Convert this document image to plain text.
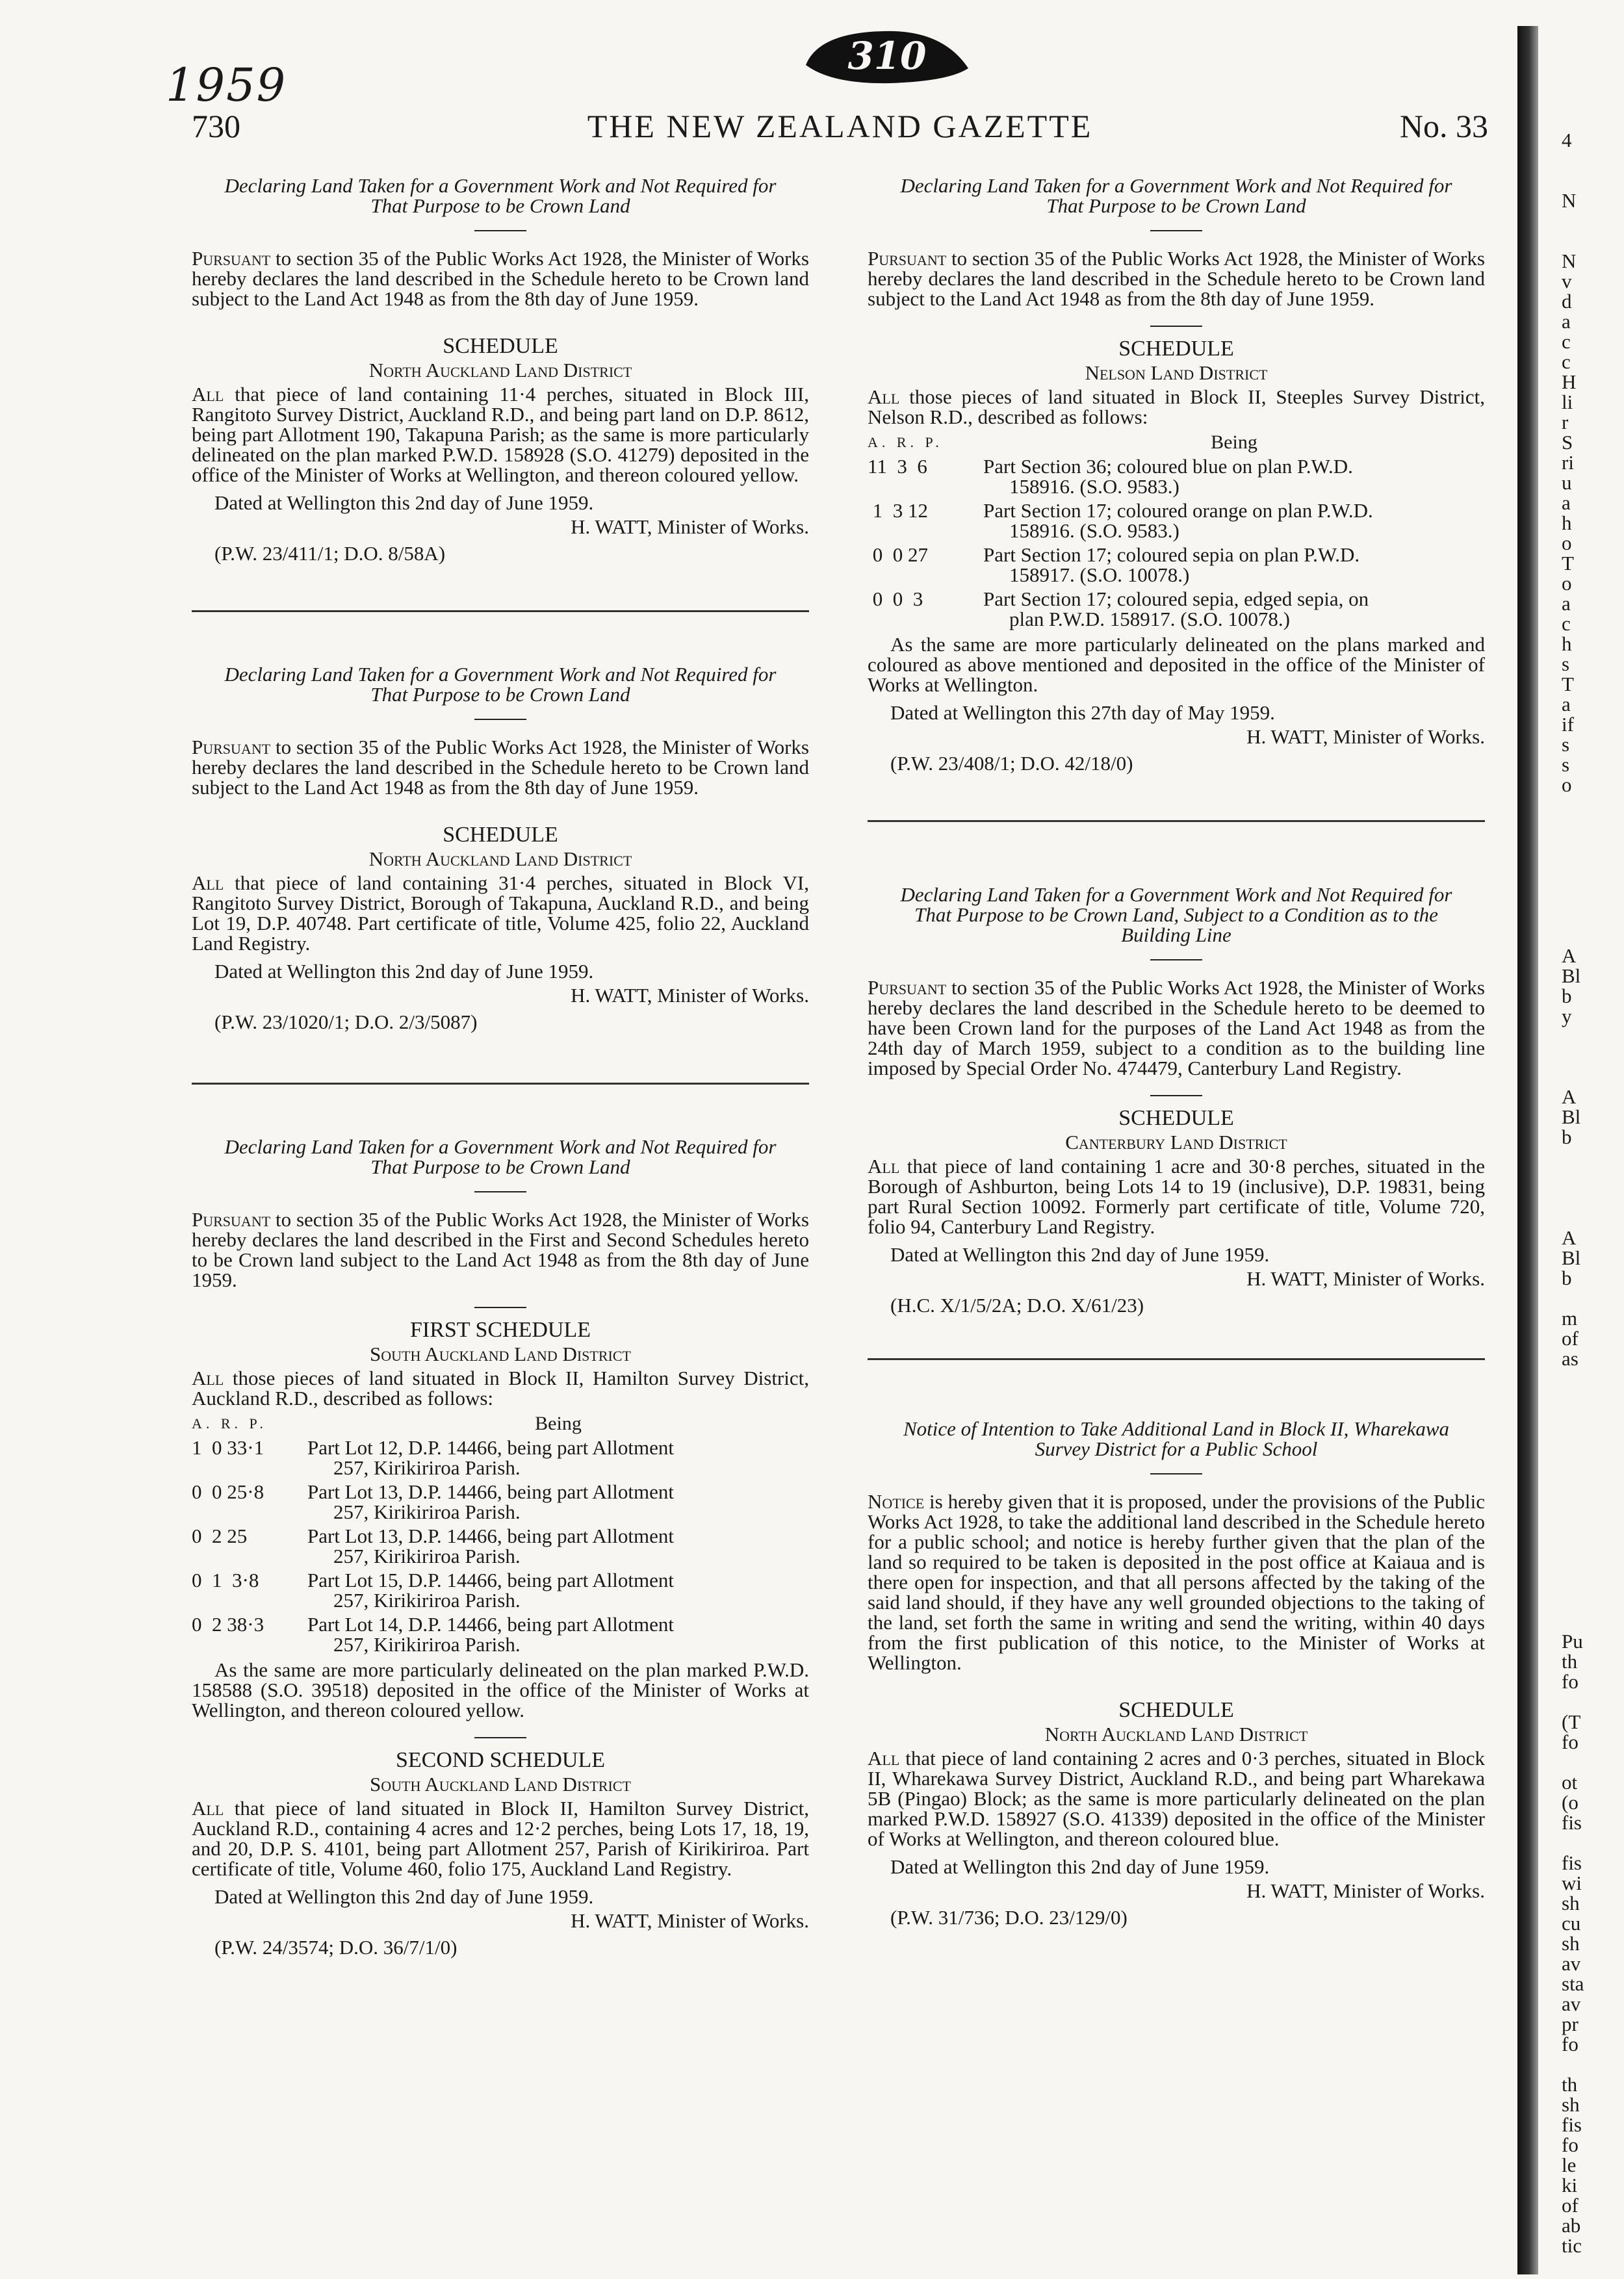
1959
310
730	THE NEW ZEALAND GAZETTE	No. 33
Declaring Land Taken for a Government Work and Not Required for That Purpose to be Crown Land
Pursuant to section 35 of the Public Works Act 1928, the Minister of Works hereby declares the land described in the Schedule hereto to be Crown land subject to the Land Act 1948 as from the 8th day of June 1959.
SCHEDULE
North Auckland Land District
All that piece of land containing 11·4 perches, situated in Block III, Rangitoto Survey District, Auckland R.D., and being part land on D.P. 8612, being part Allotment 190, Takapuna Parish; as the same is more particularly delineated on the plan marked P.W.D. 158928 (S.O. 41279) deposited in the office of the Minister of Works at Wellington, and thereon coloured yellow.
Dated at Wellington this 2nd day of June 1959.
H. WATT, Minister of Works.
(P.W. 23/411/1; D.O. 8/58A)
Declaring Land Taken for a Government Work and Not Required for That Purpose to be Crown Land
Pursuant to section 35 of the Public Works Act 1928, the Minister of Works hereby declares the land described in the Schedule hereto to be Crown land subject to the Land Act 1948 as from the 8th day of June 1959.
SCHEDULE
North Auckland Land District
All that piece of land containing 31·4 perches, situated in Block VI, Rangitoto Survey District, Borough of Takapuna, Auckland R.D., and being Lot 19, D.P. 40748. Part certificate of title, Volume 425, folio 22, Auckland Land Registry.
Dated at Wellington this 2nd day of June 1959.
H. WATT, Minister of Works.
(P.W. 23/1020/1; D.O. 2/3/5087)
Declaring Land Taken for a Government Work and Not Required for That Purpose to be Crown Land
Pursuant to section 35 of the Public Works Act 1928, the Minister of Works hereby declares the land described in the First and Second Schedules hereto to be Crown land subject to the Land Act 1948 as from the 8th day of June 1959.
FIRST SCHEDULE
South Auckland Land District
All those pieces of land situated in Block II, Hamilton Survey District, Auckland R.D., described as follows:
A. R. P.	Being
1  0 33·1	Part Lot 12, D.P. 14466, being part Allotment
257, Kirikiriroa Parish.
0  0 25·8	Part Lot 13, D.P. 14466, being part Allotment
257, Kirikiriroa Parish.
0  2 25	Part Lot 13, D.P. 14466, being part Allotment
257, Kirikiriroa Parish.
0  1  3·8	Part Lot 15, D.P. 14466, being part Allotment
257, Kirikiriroa Parish.
0  2 38·3	Part Lot 14, D.P. 14466, being part Allotment
257, Kirikiriroa Parish.
As the same are more particularly delineated on the plan marked P.W.D. 158588 (S.O. 39518) deposited in the office of the Minister of Works at Wellington, and thereon coloured yellow.
SECOND SCHEDULE
South Auckland Land District
All that piece of land situated in Block II, Hamilton Survey District, Auckland R.D., containing 4 acres and 12·2 perches, being Lots 17, 18, 19, and 20, D.P. S. 4101, being part Allotment 257, Parish of Kirikiriroa. Part certificate of title, Volume 460, folio 175, Auckland Land Registry.
Dated at Wellington this 2nd day of June 1959.
H. WATT, Minister of Works.
(P.W. 24/3574; D.O. 36/7/1/0)
Declaring Land Taken for a Government Work and Not Required for That Purpose to be Crown Land
Pursuant to section 35 of the Public Works Act 1928, the Minister of Works hereby declares the land described in the Schedule hereto to be Crown land subject to the Land Act 1948 as from the 8th day of June 1959.
SCHEDULE
Nelson Land District
All those pieces of land situated in Block II, Steeples Survey District, Nelson R.D., described as follows:
A. R. P.	Being
11  3  6	Part Section 36; coloured blue on plan P.W.D.
158916. (S.O. 9583.)
1  3 12	Part Section 17; coloured orange on plan P.W.D.
158916. (S.O. 9583.)
0  0 27	Part Section 17; coloured sepia on plan P.W.D.
158917. (S.O. 10078.)
0  0  3	Part Section 17; coloured sepia, edged sepia, on
plan P.W.D. 158917. (S.O. 10078.)
As the same are more particularly delineated on the plans marked and coloured as above mentioned and deposited in the office of the Minister of Works at Wellington.
Dated at Wellington this 27th day of May 1959.
H. WATT, Minister of Works.
(P.W. 23/408/1; D.O. 42/18/0)
Declaring Land Taken for a Government Work and Not Required for That Purpose to be Crown Land, Subject to a Condition as to the Building Line
Pursuant to section 35 of the Public Works Act 1928, the Minister of Works hereby declares the land described in the Schedule hereto to be deemed to have been Crown land for the purposes of the Land Act 1948 as from the 24th day of March 1959, subject to a condition as to the building line imposed by Special Order No. 474479, Canterbury Land Registry.
SCHEDULE
Canterbury Land District
All that piece of land containing 1 acre and 30·8 perches, situated in the Borough of Ashburton, being Lots 14 to 19 (inclusive), D.P. 19831, being part Rural Section 10092. Formerly part certificate of title, Volume 720, folio 94, Canterbury Land Registry.
Dated at Wellington this 2nd day of June 1959.
H. WATT, Minister of Works.
(H.C. X/1/5/2A; D.O. X/61/23)
Notice of Intention to Take Additional Land in Block II, Wharekawa Survey District for a Public School
Notice is hereby given that it is proposed, under the provisions of the Public Works Act 1928, to take the additional land described in the Schedule hereto for a public school; and notice is hereby further given that the plan of the land so required to be taken is deposited in the post office at Kaiaua and is there open for inspection, and that all persons affected by the taking of the said land should, if they have any well grounded objections to the taking of the land, set forth the same in writing and send the writing, within 40 days from the first publication of this notice, to the Minister of Works at Wellington.
SCHEDULE
North Auckland Land District
All that piece of land containing 2 acres and 0·3 perches, situated in Block II, Wharekawa Survey District, Auckland R.D., and being part Wharekawa 5B (Pingao) Block; as the same is more particularly delineated on the plan marked P.W.D. 158927 (S.O. 41339) deposited in the office of the Minister of Works at Wellington, and thereon coloured blue.
Dated at Wellington this 2nd day of June 1959.
H. WATT, Minister of Works.
(P.W. 31/736; D.O. 23/129/0)
4
N
N
v
d
a
c
c
H
li
r
S
ri
u
a
h
o
T
o
a
c
h
s
T
a
if
s
s
o
A
Bl
b
y
A
Bl
b
A
Bl
b
m
of
as
Pu
th
fo
(T
fo
ot
(o
fis
fis
wi
sh
cu
sh
av
sta
av
pr
fo
th
sh
fis
fo
le
ki
of
ab
tic
